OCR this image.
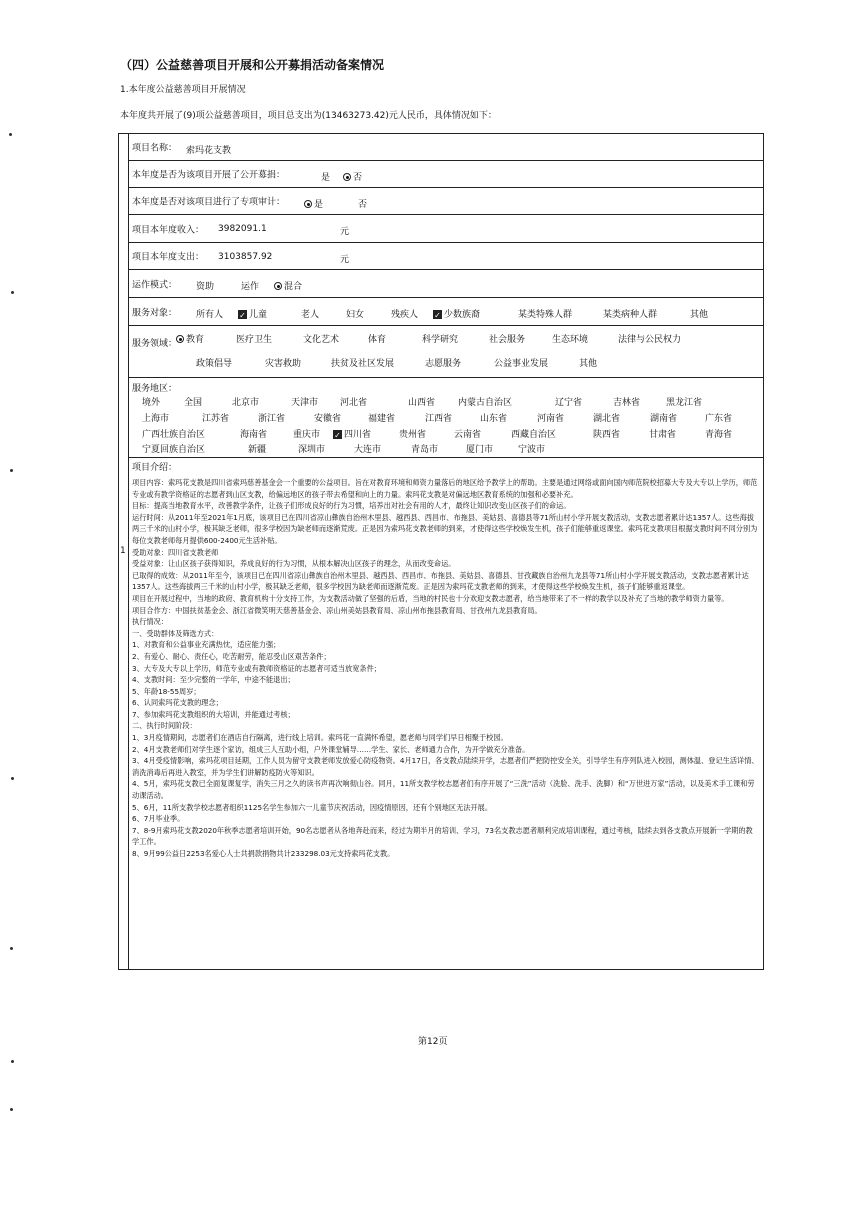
（四）公益慈善项目开展和公开募捐活动备案情况
1.本年度公益慈善项目开展情况
本年度共开展了(9)项公益慈善项目，项目总支出为(13463273.42)元人民币，具体情况如下：
1
项目名称： 索玛花支教
本年度是否为该项目开展了公开募捐：	是	否
本年度是否对该项目进行了专项审计：	是	否
项目本年度收入： 3982091.1	元
项目本年度支出： 3103857.92	元
运作模式： 资助	运作	混合
服务对象： 所有人 ✓ 儿童	老人	妇女	残疾人 ✓ 少数族裔	某类特殊人群	某类病种人群	其他
服务领域： 教育	医疗卫生	文化艺术	体育	科学研究	社会服务	生态环境	法律与公民权力
政策倡导	灾害救助	扶贫及社区发展	志愿服务	公益事业发展	其他
服务地区：
境外	全国	北京市	天津市 河北省	山西省	内蒙古自治区	辽宁省	吉林省	黑龙江省
上海市	江苏省	浙江省	安徽省	福建省	江西省	山东省	河南省	湖北省	湖南省	广东省
广西壮族自治区	海南省	重庆市 ✓ 四川省	贵州省	云南省	西藏自治区	陕西省	甘肃省	青海省
宁夏回族自治区	新疆	深圳市	大连市	青岛市	厦门市	宁波市
项目介绍：

项目内容：索玛花支教是四川省索玛慈善基金会一个重要的公益项目。旨在对教育环境和师资力量落后的地区给予教学上的帮助。主要是通过网络或面向国内师范院校招募大专及大专以上学历，师范专业或有教学资格证的志愿者到山区支教，给偏远地区的孩子带去希望和向上的力量。索玛花支教是对偏远地区教育系统的加强和必要补充。

目标：提高当地教育水平，改善教学条件，让孩子们形成良好的行为习惯，培养出对社会有用的人才，最终让知识改变山区孩子们的命运。

运行时间：从2011年至2021年1月底，该项目已在四川省凉山彝族自治州木里县、越西县、西昌市、布拖县、美姑县、喜德县等71所山村小学开展支教活动，支教志愿者累计达1357人。这些海拔两三千米的山村小学，极其缺乏老师，很多学校因为缺老师而逐渐荒废。正是因为索玛花支教老师的到来，才使得这些学校焕发生机，孩子们能够重返课堂。索玛花支教项目根据支教时间不同分别为每位支教老师每月提供600-2400元生活补贴。

受助对象：四川省支教老师

受益对象：让山区孩子获得知识，养成良好的行为习惯，从根本解决山区孩子的理念，从而改变命运。

已取得的成效：从2011年至今，该项目已在四川省凉山彝族自治州木里县、越西县、西昌市、布拖县、美姑县、喜德县、甘孜藏族自治州九龙县等71所山村小学开展支教活动，支教志愿者累计达1357人。这些海拔两三千米的山村小学，极其缺乏老师，很多学校因为缺老师而逐渐荒废。正是因为索玛花支教老师的到来，才使得这些学校焕发生机，孩子们能够重返课堂。

项目在开展过程中，当地的政府、教育机构十分支持工作，为支教活动做了坚强的后盾，当地的村民也十分欢迎支教志愿者，给当地带来了不一样的教学以及补充了当地的教学师资力量等。

项目合作方：中国扶贫基金会、浙江省微笑明天慈善基金会、凉山州美姑县教育局、凉山州布拖县教育局、甘孜州九龙县教育局。

执行情况：

一、受助群体及筛选方式：

1、对教育和公益事业充满热忱，适应能力强；

2、有爱心、耐心、责任心，吃苦耐劳，能忍受山区艰苦条件；

3、大专及大专以上学历，师范专业或有教师资格证的志愿者可适当放宽条件；

4、支教时间：至少完整的一学年，中途不能退出；

5、年龄18-55周岁；

6、认同索玛花支教的理念；

7、参加索玛花支教组织的大培训，并能通过考核；

二、执行时间阶段：

1、3月疫情期间，志愿者们在酒店自行隔离，进行线上培训。索玛花一直满怀希望，愿老师与同学们早日相聚于校园。

2、4月支教老师们对学生逐个家访，组成三人互助小组，户外课堂辅导……学生、家长、老师通力合作，为开学做充分准备。

3、4月受疫情影响，索玛花项目延期，工作人员为留守支教老师发放爱心防疫物资。4月17日，各支教点陆续开学，志愿者们严把防控安全关，引导学生有序列队进入校园，测体温、登记生活详情、消洗消毒后再进入教室，并为学生们讲解防疫防火等知识。

4、5月，索玛花支教已全面复课复学，消失三月之久的读书声再次响彻山谷。同月，11所支教学校志愿者们有序开展了“三洗”活动（洗脸、洗手、洗脚）和“万世进万家”活动，以及美术手工课和劳动课活动。

5、6月，11所支教学校志愿者组织1125名学生参加六一儿童节庆祝活动，因疫情原因，还有个别地区无法开展。

6、7月毕业季。

7、8-9月索玛花支教2020年秋季志愿者培训开始，90名志愿者从各地奔赴而来，经过为期半月的培训、学习，73名支教志愿者顺利完成培训课程，通过考核，陆续去到各支教点开展新一学期的教学工作。

8、9月99公益日2253名爱心人士共捐款捐物共计233298.03元支持索玛花支教。

第12页
